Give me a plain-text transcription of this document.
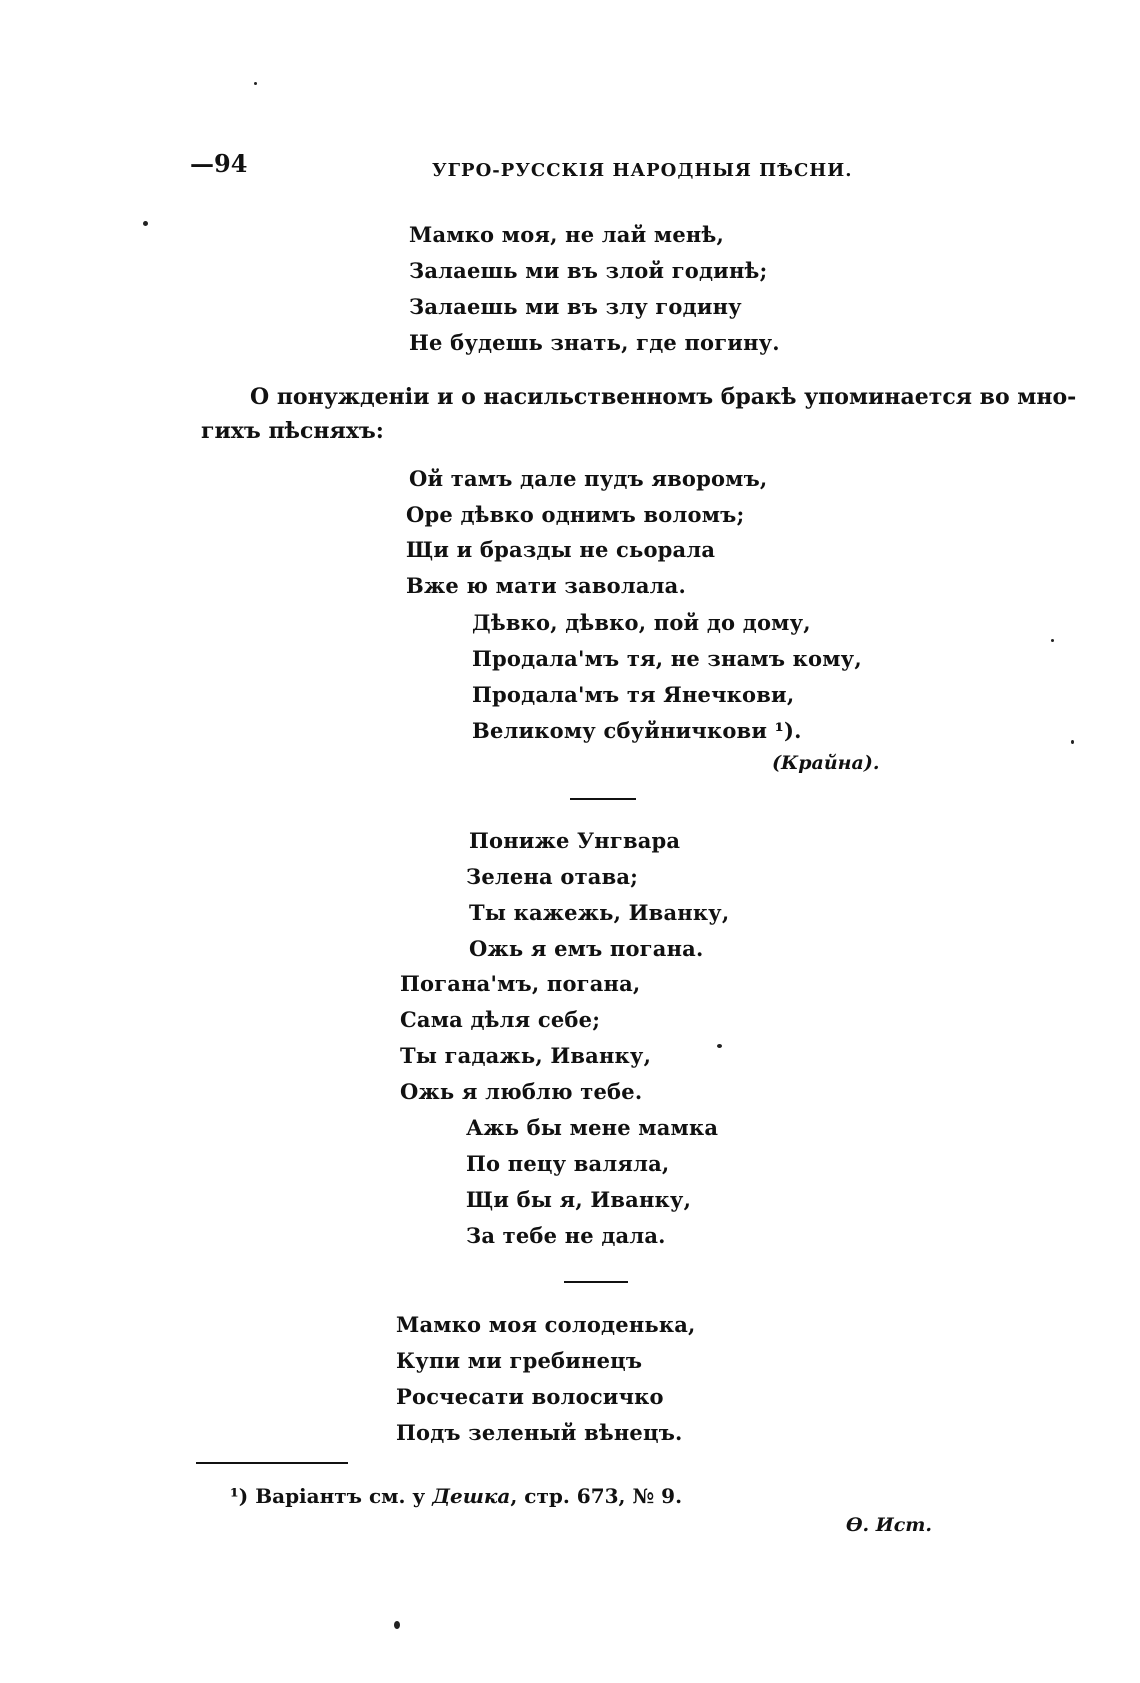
—94	УГРО-РУССКІЯ НАРОДНЫЯ ПѢСНИ.
Мамко моя, не лай менѣ,
Залаешь ми въ злой годинѣ;
Залаешь ми въ злу годину
Не будешь знать, где погину.
О понужденіи и о насильственномъ бракѣ упоминается во мно-
гихъ пѣсняхъ:
Ой тамъ дале пудъ яворомъ,
Оре дѣвко однимъ воломъ;
Щи и бразды не сьорала
Вже ю мати заволала.
Дѣвко, дѣвко, пой до дому,
Продала'мъ тя, не знамъ кому,
Продала'мъ тя Янечкови,
Великому сбуйничкови ¹).
(Крайна).
Пониже Унгвара
Зелена отава;
Ты кажежь, Иванку,
Ожь я емъ погана.
Погана'мъ, погана,
Сама дѣля себе;
Ты гадажь, Иванку,
Ожь я люблю тебе.
Ажь бы мене мамка
По пецу валяла,
Щи бы я, Иванку,
За тебе не дала.
Мамко моя солоденька,
Купи ми гребинецъ
Росчесати волосичко
Подъ зеленый вѣнецъ.
¹) Варіантъ см. у Дешка, стр. 673, № 9.
Ѳ. Ист.
